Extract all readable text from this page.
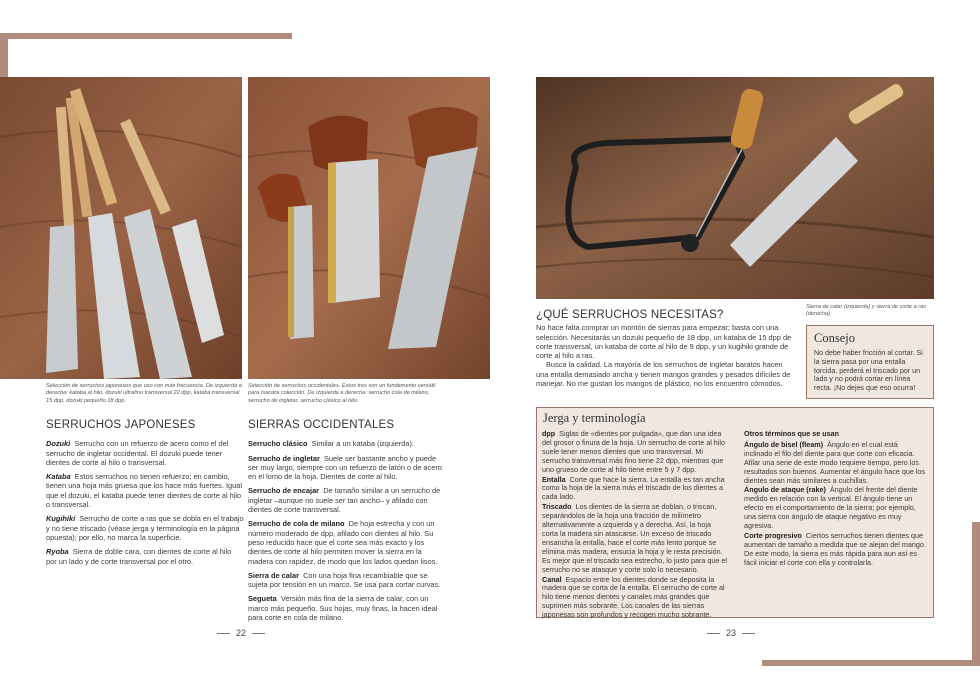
Selección de serruchos japoneses que uso con más frecuencia. De izquierda a derecha: kataba al hilo, dozuki ultrafino transversal 22 dpp, kataba transversal 15 dpp, dozuki pequeño 18 dpp.
Selección de serruchos occidentales. Estos tres son un fundamento versátil para nuestra colección. De izquierda a derecha: serrucho cola de milano, serrucho de ingletar, serrucho clásico al hilo.
SERRUCHOS JAPONESES

Dozuki Serrucho con un refuerzo de acero como el del serrucho de ingletar occidental. El dozuki puede tener dientes de corte al hilo o transversal.

Kataba Estos serruchos no tienen refuerzo; en cambio, tienen una hoja más gruesa que los hace más fuertes. Igual que el dozuki, el kataba puede tener dientes de corte al hilo o transversal.

Kugihiki Serrucho de corte a ras que se dobla en el trabajo y no tiene triscado (véase jerga y terminología en la página opuesta); por ello, no marca la superficie.

Ryoba Sierra de doble cara, con dientes de corte al hilo por un lado y de corte transversal por el otro.

SIERRAS OCCIDENTALES

Serrucho clásico Similar a un kataba (izquierda).

Serrucho de ingletar Suele ser bastante ancho y puede ser muy largo, siempre con un refuerzo de latón o de acero en el lomo de la hoja. Dientes de corte al hilo.

Serrucho de encajar De tamaño similar a un serrucho de ingletar –aunque no suele ser tan ancho– y afilado con dientes de corte transversal.

Serrucho de cola de milano De hoja estrecha y con un número moderado de dpp, afilado con dientes al hilo. Su peso reducido hace que el corte sea más exacto y los dientes de corte al hilo permiten mover la sierra en la madera con rapidez, de modo que los lados quedan lisos.

Sierra de calar Con una hoja fina recambiable que se sujeta por tensión en un marco. Se usa para cortar curvas.

Segueta Versión más fina de la sierra de calar, con un marco más pequeño. Sus hojas, muy finas, la hacen ideal para corte en cola de milano.

22
Sierra de calar (izquierda) y sierra de corte a ras (derecha).
¿QUÉ SERRUCHOS NECESITAS?

No hace falta comprar un montón de sierras para empezar; basta con una selección. Necesitarás un dozuki pequeño de 18 dpp, un kataba de 15 dpp de corte transversal, un kataba de corte al hilo de 9 dpp, y un kugihiki grande de corte al hilo a ras.

Busca la calidad. La mayoría de los serruchos de ingletar baratos hacen una entalla demasiado ancha y tienen mangos grandes y pesados difíciles de manejar. No me gustan los mangos de plástico, no los encuentro cómodos.

Consejo

No debe haber fricción al cortar. Si la sierra pasa por una entalla torcida, perderá el triscado por un lado y no podrá cortar en línea recta. ¡No dejes que eso ocurra!

Jerga y terminología

dpp Siglas de «dientes por pulgada», que dan una idea del grosor o finura de la hoja. Un serrucho de corte al hilo suele tener menos dientes que uno transversal. Mi serrucho transversal más fino tiene 22 dpp, mientras que uno grueso de corte al hilo tiene entre 5 y 7 dpp.

Entalla Corte que hace la sierra. La entalla es tan ancha como la hoja de la sierra más el triscado de los dientes a cada lado.

Triscado Los dientes de la sierra se doblan, o triscan, separándolos de la hoja una fracción de milímetro alternativamente a izquierda y a derecha. Así, la hoja corta la madera sin atascarse. Un exceso de triscado ensancha la entalla, hace el corte más lento porque se elimina más madera, ensucia la hoja y le resta precisión. Es mejor que el triscado sea estrecho, lo justo para que el serrucho no se atasque y corte solo lo necesario.

Canal Espacio entre los dientes donde se deposita la madera que se corta de la entalla. El serrucho de corte al hilo tiene menos dientes y canales más grandes que suprimen más sobrante. Los canales de las sierras japonesas son profundos y recogen mucho sobrante.

Otros términos que se usan

Ángulo de bisel (fleam) Ángulo en el cual está inclinado el filo del diente para que corte con eficacia. Afilar una serie de este modo requiere tiempo, pero los resultados son buenos. Aumentar el ángulo hace que los dientes sean más similares a cuchillas.

Ángulo de ataque (rake) Ángulo del frente del diente medido en relación con la vertical. El ángulo tiene un efecto en el comportamiento de la sierra; por ejemplo, una sierra con ángulo de ataque negativo es muy agresiva.

Corte progresivo Ciertos serruchos tienen dientes que aumentan de tamaño a medida que se alejan del mango. De este modo, la sierra es más rápida para aun así es fácil iniciar el corte con ella y controlarla.

23
